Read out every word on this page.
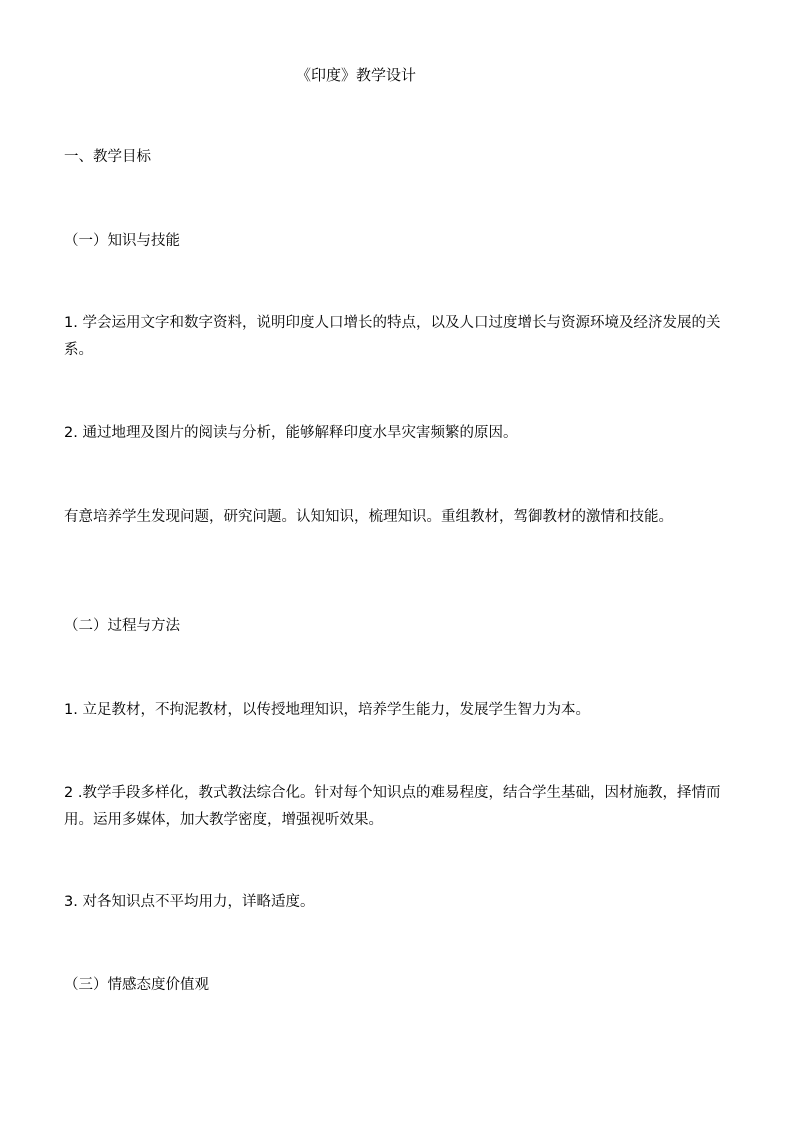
《印度》教学设计
一、教学目标
（一）知识与技能
1. 学会运用文字和数字资料，说明印度人口增长的特点，以及人口过度增长与资源环境及经济发展的关系。
2. 通过地理及图片的阅读与分析，能够解释印度水旱灾害频繁的原因。
有意培养学生发现问题，研究问题。认知知识，梳理知识。重组教材，驾御教材的激情和技能。
（二）过程与方法
1. 立足教材，不拘泥教材，以传授地理知识，培养学生能力，发展学生智力为本。
2 .教学手段多样化，教式教法综合化。针对每个知识点的难易程度，结合学生基础，因材施教，择情而用。运用多媒体，加大教学密度，增强视听效果。
3. 对各知识点不平均用力，详略适度。
（三）情感态度价值观
